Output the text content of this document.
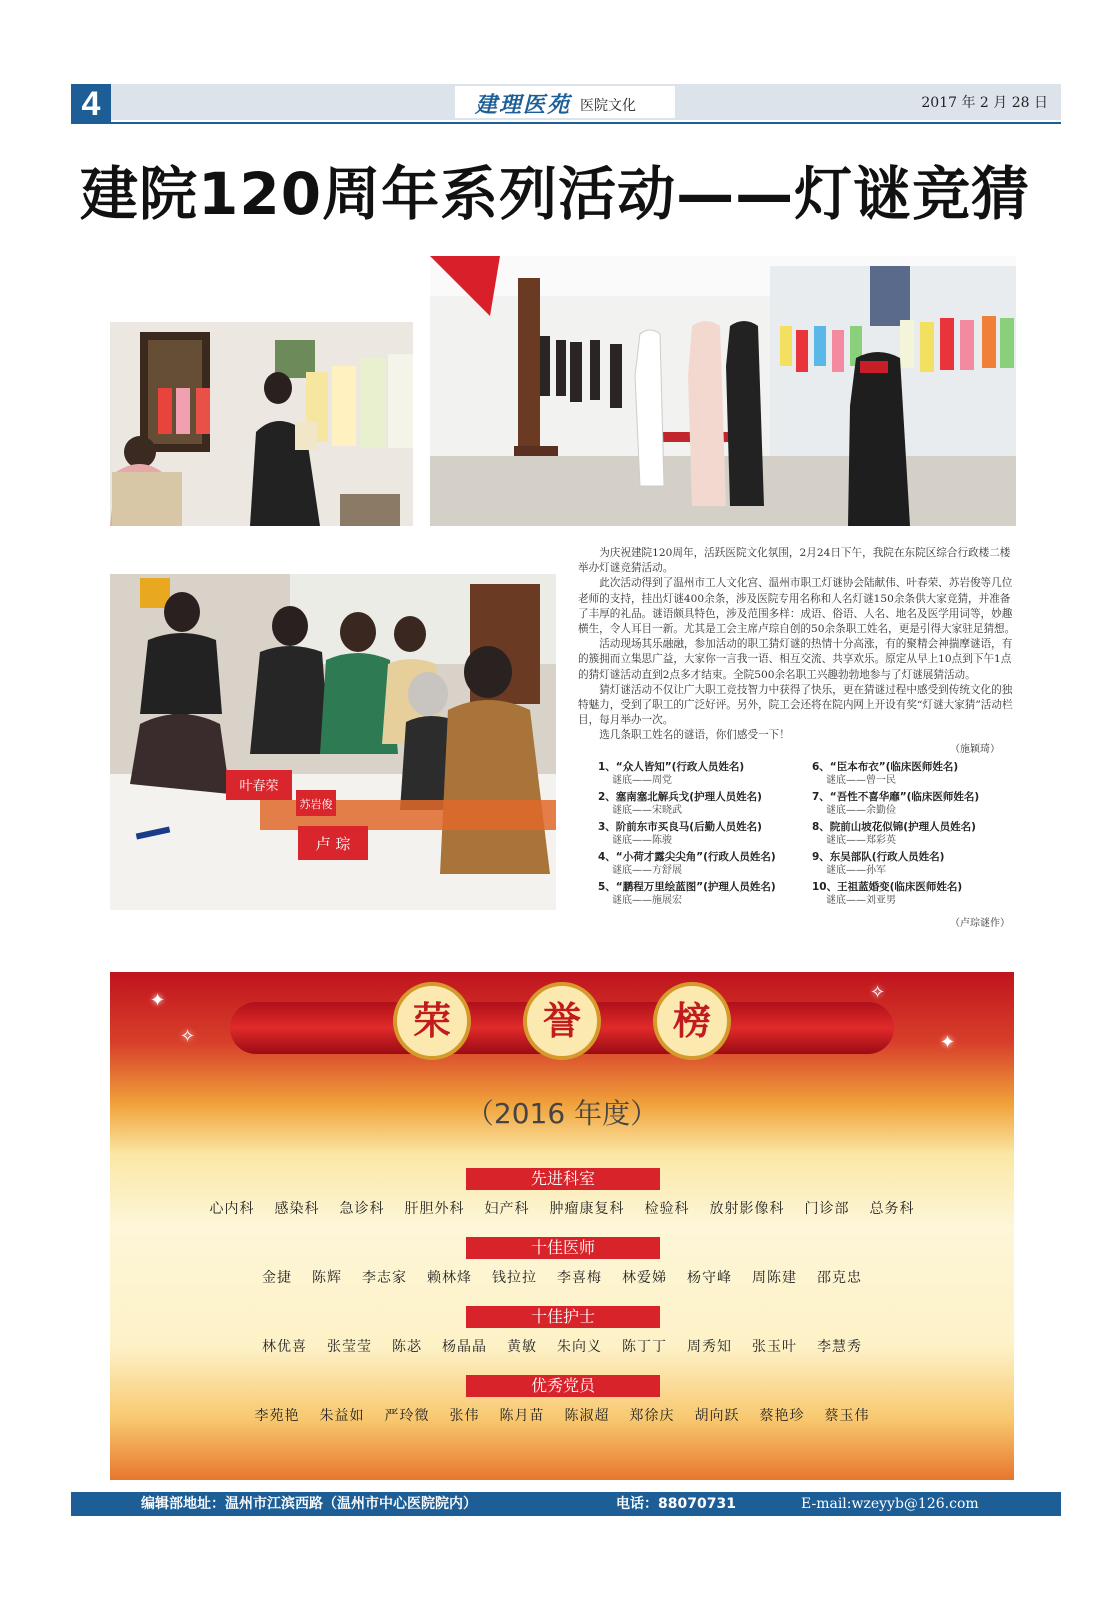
4	建理医苑 医院文化	2017 年 2 月 28 日
建院120周年系列活动——灯谜竞猜
叶春荣
苏岩俊
卢 琮

为庆祝建院120周年，活跃医院文化氛围，2月24日下午，我院在东院区综合行政楼二楼举办灯谜竞猜活动。

此次活动得到了温州市工人文化宫、温州市职工灯谜协会陆献伟、叶春荣、苏岩俊等几位老师的支持，挂出灯谜400余条，涉及医院专用名称和人名灯谜150余条供大家竞猜，并准备了丰厚的礼品。谜语颇具特色，涉及范围多样：成语、俗语、人名、地名及医学用词等，妙趣横生，令人耳目一新。尤其是工会主席卢琮自创的50余条职工姓名，更是引得大家驻足猜想。

活动现场其乐融融，参加活动的职工猜灯谜的热情十分高涨，有的聚精会神揣摩谜语，有的簇拥而立集思广益，大家你一言我一语、相互交流、共享欢乐。原定从早上10点到下午1点的猜灯谜活动直到2点多才结束。全院500余名职工兴趣勃勃地参与了灯谜展猜活动。

猜灯谜活动不仅让广大职工竞技智力中获得了快乐，更在猜谜过程中感受到传统文化的独特魅力，受到了职工的广泛好评。另外，院工会还将在院内网上开设有奖“灯谜大家猜”活动栏目，每月举办一次。

选几条职工姓名的谜语，你们感受一下！

（施颖琦）
1、“众人皆知”(行政人员姓名)
谜底——周党
2、塞南塞北解兵戈(护理人员姓名)
谜底——宋晓武
3、阶前东市买良马(后勤人员姓名)
谜底——陈骏
4、“小荷才露尖尖角”(行政人员姓名)
谜底——方舒展
5、“鹏程万里绘蓝图”(护理人员姓名)
谜底——施展宏
6、“臣本布衣”(临床医师姓名)
谜底——曾一民
7、“吾性不喜华靡”(临床医师姓名)
谜底——余勤俭
8、院前山坡花似锦(护理人员姓名)
谜底——郑彩英
9、东吴部队(行政人员姓名)
谜底——孙军
10、王祖蓝婚变(临床医师姓名)
谜底——刘亚男
（卢琮谜作）
✦
✦
✧
✧	荣	誉	榜
（2016 年度）
先进科室
心内科 感染科 急诊科 肝胆外科 妇产科 肿瘤康复科 检验科 放射影像科 门诊部 总务科
十佳医师
金捷 陈辉 李志家 赖林烽 钱拉拉 李喜梅 林爱娣 杨守峰 周陈建 邵克忠
十佳护士
林优喜 张莹莹 陈苾 杨晶晶 黄敏 朱向义 陈丁丁 周秀知 张玉叶 李慧秀
优秀党员
李苑艳 朱益如 严玲徵 张伟 陈月苗 陈淑超 郑徐庆 胡向跃 蔡艳珍 蔡玉伟
编辑部地址：温州市江滨西路（温州市中心医院院内）	电话：88070731	E-mail:wzeyyb@126.com
